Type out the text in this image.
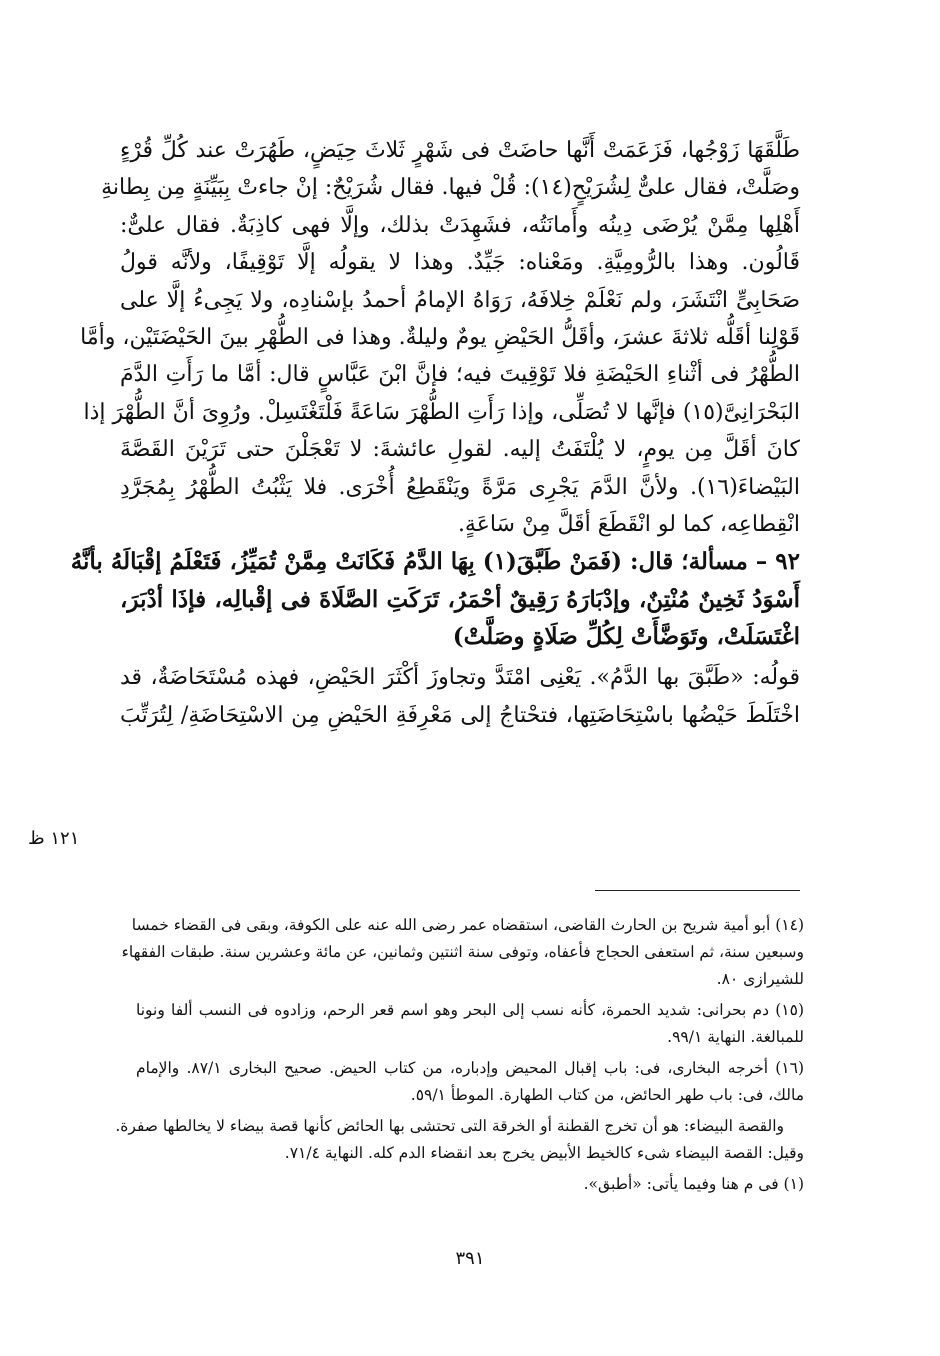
طَلَّقَهَا زَوْجُها، فَزَعَمَتْ أَنَّها حاضَتْ فى شَهْرٍ ثَلاثَ حِيَضٍ، طَهُرَتْ عند كُلِّ قُرْءٍ
وصَلَّتْ، فقال علىٌّ لِشُرَيْحٍ(١٤): قُلْ فيها. فقال شُرَيْحٌ: إنْ جاءتْ بِبَيِّنَةٍ مِن بِطانةِ
أَهْلِها مِمَّنْ يُرْضَى دِينُه وأَمانَتُه، فشَهِدَتْ بذلك، وإلَّا فهى كاذِبَةٌ. فقال علىٌّ:
قَالُون. وهذا بالرُّومِيَّةِ. ومَعْناه: جَيِّدٌ. وهذا لا يقولُه إلَّا تَوْقِيفًا، ولأنَّه قولُ
صَحَابِىٍّ انْتَشَرَ، ولم نَعْلَمْ خِلافَهُ، رَوَاهُ الإمامُ أحمدُ بإسْنادِه، ولا يَجِىءُ إلَّا على
قَوْلِنا أقَلُّه ثلاثةَ عشرَ، وأقَلُّ الحَيْضِ يومٌ وليلةٌ. وهذا فى الطُّهْرِ بينَ الحَيْضَتَيْن، وأمَّا
الطُّهْرُ فى أثْناءِ الحَيْضَةِ فلا تَوْقِيتَ فيه؛ فإنَّ ابْنَ عَبَّاسٍ قال: أمَّا ما رَأَتِ الدَّمَ
البَحْرَانِىَّ(١٥) فإنَّها لا تُصَلِّى، وإذا رَأَتِ الطُّهْرَ سَاعَةً فَلْتَغْتَسِلْ. ورُوِىَ أنَّ الطُّهْرَ إذا
كانَ أقَلَّ مِن يومٍ، لا يُلْتَفَتُ إليه. لقولِ عائشةَ: لا تَعْجَلْنَ حتى تَرَيْنَ القَصَّةَ
البَيْضاءَ(١٦). ولأنَّ الدَّمَ يَجْرِى مَرَّةً ويَنْقَطِعُ أُخْرَى. فلا يَثْبُتُ الطُّهْرُ بِمُجَرَّدِ
انْقِطاعِه، كما لو انْقَطَعَ أقَلَّ مِنْ سَاعَةٍ.
٩٢ – مسألة؛ قال: (فَمَنْ طَبَّقَ(١) بِهَا الدَّمُ فَكَانَتْ مِمَّنْ تُمَيِّزُ، فَتَعْلَمُ إقْبَالَهُ بأنَّهُ
أَسْوَدُ ثَخِينٌ مُنْتِنٌ، وإدْبَارَهُ رَقِيقٌ أحْمَرُ، تَرَكَتِ الصَّلَاةَ فى إقْبالِه، فإذَا أدْبَرَ،
اغْتَسَلَتْ، وتَوَضَّأَتْ لِكُلِّ صَلَاةٍ وصَلَّتْ)
قولُه: «طَبَّقَ بها الدَّمُ». يَعْنِى امْتَدَّ وتجاوزَ أكْثَرَ الحَيْضِ، فهذه مُسْتَحَاضَةٌ، قد
اخْتَلَطَ حَيْضُها باسْتِحَاضَتِها، فتحْتاجُ إلى مَعْرِفَةِ الحَيْضِ مِن الاسْتِحَاضَةِ/ لِتُرَتِّبَ
١٢١ ظ
(١٤) أبو أمية شريح بن الحارث القاضى، استقضاه عمر رضى الله عنه على الكوفة، وبقى فى القضاء خمسا
وسبعين سنة، ثم استعفى الحجاج فأعفاه، وتوفى سنة اثنتين وثمانين، عن مائة وعشرين سنة. طبقات الفقهاء
للشيرازى ٨٠.
(١٥) دم بحرانى: شديد الحمرة، كأنه نسب إلى البحر وهو اسم قعر الرحم، وزادوه فى النسب ألفا ونونا
للمبالغة. النهاية ٩٩/١.
(١٦) أخرجه البخارى، فى: باب إقبال المحيض وإدباره، من كتاب الحيض. صحيح البخارى ٨٧/١. والإمام
مالك، فى: باب طهر الحائض، من كتاب الطهارة. الموطأ ٥٩/١.
والقصة البيضاء: هو أن تخرج القطنة أو الخرقة التى تحتشى بها الحائض كأنها قصة بيضاء لا يخالطها صفرة.
وقيل: القصة البيضاء شىء كالخيط الأبيض يخرج بعد انقضاء الدم كله. النهاية ٧١/٤.
(١) فى م هنا وفيما يأتى: «أطبق».
٣٩١
